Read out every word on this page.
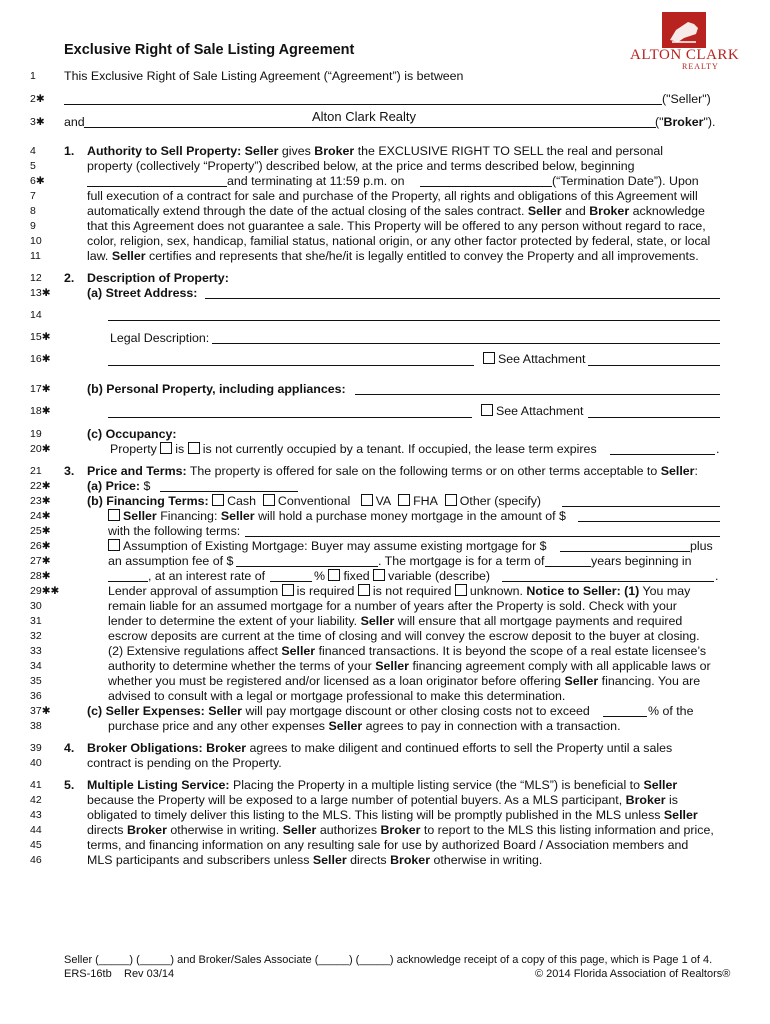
ALTON CLARK
REALTY
Exclusive Right of Sale Listing Agreement
1
2✱
3✱
4
5
6✱
7
8
9
10
11
12
13✱
14
15✱
16✱
17✱
18✱
19
20✱
21
22✱
23✱
24✱
25✱
26✱
27✱
28✱
29✱✱
30
31
32
33
34
35
36
37✱
38
39
40
41
42
43
44
45
46
This Exclusive Right of Sale Listing Agreement (“Agreement”) is between
("Seller")
and	Alton Clark Realty	("Broker").
1. Authority to Sell Property: Seller gives Broker the EXCLUSIVE RIGHT TO SELL the real and personal
property (collectively “Property”) described below, at the price and terms described below, beginning
and terminating at 11:59 p.m. on	(“Termination Date”). Upon
full execution of a contract for sale and purchase of the Property, all rights and obligations of this Agreement will
automatically extend through the date of the actual closing of the sales contract. Seller and Broker acknowledge
that this Agreement does not guarantee a sale. This Property will be offered to any person without regard to race,
color, religion, sex, handicap, familial status, national origin, or any other factor protected by federal, state, or local
law. Seller certifies and represents that she/he/it is legally entitled to convey the Property and all improvements.
2. Description of Property:
(a) Street Address:
Legal Description:
See Attachment
(b) Personal Property, including appliances:
See Attachment
(c) Occupancy:
Property is is not currently occupied by a tenant. If occupied, the lease term expires	.
3. Price and Terms: The property is offered for sale on the following terms or on other terms acceptable to Seller:
(a) Price: $
(b) Financing Terms: Cash Conventional VA FHA Other (specify)
Seller Financing: Seller will hold a purchase money mortgage in the amount of $
with the following terms:
Assumption of Existing Mortgage: Buyer may assume existing mortgage for $	plus
an assumption fee of $	. The mortgage is for a term of	years beginning in
, at an interest rate of	% fixed variable (describe)	.
Lender approval of assumption is required is not required unknown. Notice to Seller: (1) You may
remain liable for an assumed mortgage for a number of years after the Property is sold. Check with your
lender to determine the extent of your liability. Seller will ensure that all mortgage payments and required
escrow deposits are current at the time of closing and will convey the escrow deposit to the buyer at closing.
(2) Extensive regulations affect Seller financed transactions. It is beyond the scope of a real estate licensee’s
authority to determine whether the terms of your Seller financing agreement comply with all applicable laws or
whether you must be registered and/or licensed as a loan originator before offering Seller financing. You are
advised to consult with a legal or mortgage professional to make this determination.
(c) Seller Expenses: Seller will pay mortgage discount or other closing costs not to exceed	% of the
purchase price and any other expenses Seller agrees to pay in connection with a transaction.
4. Broker Obligations: Broker agrees to make diligent and continued efforts to sell the Property until a sales
contract is pending on the Property.
5. Multiple Listing Service: Placing the Property in a multiple listing service (the “MLS”) is beneficial to Seller
because the Property will be exposed to a large number of potential buyers. As a MLS participant, Broker is
obligated to timely deliver this listing to the MLS. This listing will be promptly published in the MLS unless Seller
directs Broker otherwise in writing. Seller authorizes Broker to report to the MLS this listing information and price,
terms, and financing information on any resulting sale for use by authorized Board / Association members and
MLS participants and subscribers unless Seller directs Broker otherwise in writing.
Seller (_____) (_____) and Broker/Sales Associate (_____) (_____) acknowledge receipt of a copy of this page, which is Page 1 of 4.
ERS-16tb Rev 03/14	© 2014 Florida Association of Realtors®
